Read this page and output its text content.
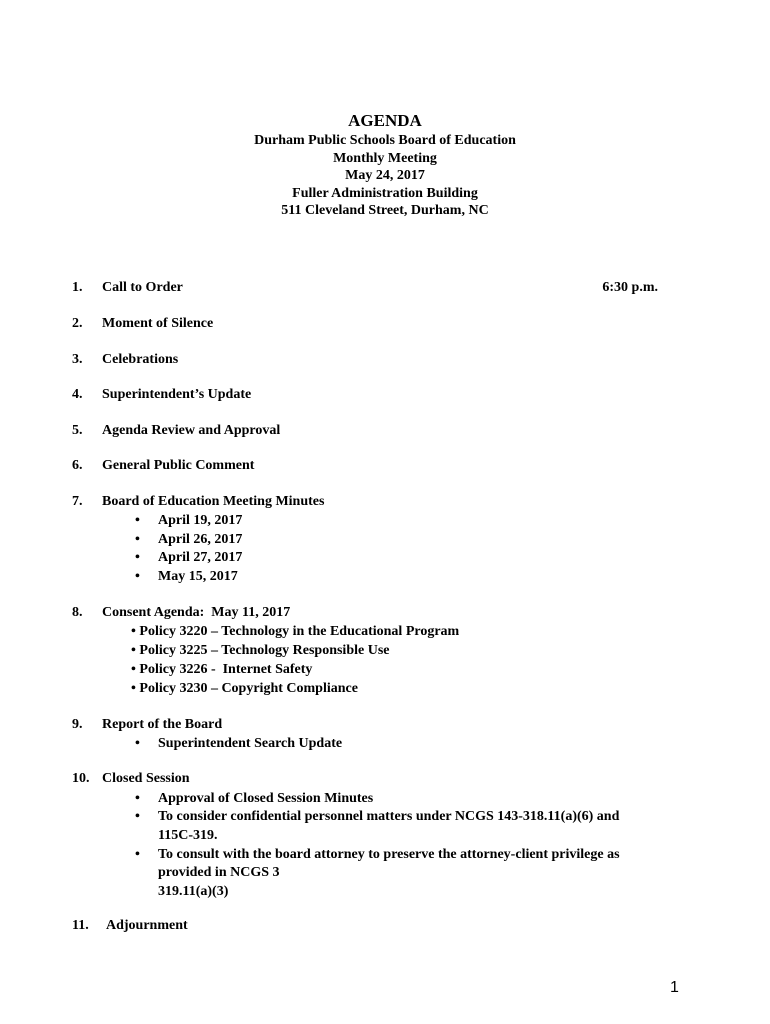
AGENDA
Durham Public Schools Board of Education
Monthly Meeting
May 24, 2017
Fuller Administration Building
511 Cleveland Street, Durham, NC
1. Call to Order	6:30 p.m.
2. Moment of Silence
3. Celebrations
4. Superintendent’s Update
5. Agenda Review and Approval
6. General Public Comment
7. Board of Education Meeting Minutes
• April 19, 2017
• April 26, 2017
• April 27, 2017
• May 15, 2017
8. Consent Agenda:  May 11, 2017
• Policy 3220 – Technology in the Educational Program
• Policy 3225 – Technology Responsible Use
• Policy 3226 -  Internet Safety
• Policy 3230 – Copyright Compliance
9. Report of the Board
• Superintendent Search Update
10. Closed Session
• Approval of Closed Session Minutes
• To consider confidential personnel matters under NCGS 143-318.11(a)(6) and
115C-319.
• To consult with the board attorney to preserve the attorney-client privilege as
provided in NCGS 3
319.11(a)(3)
11. Adjournment
1
